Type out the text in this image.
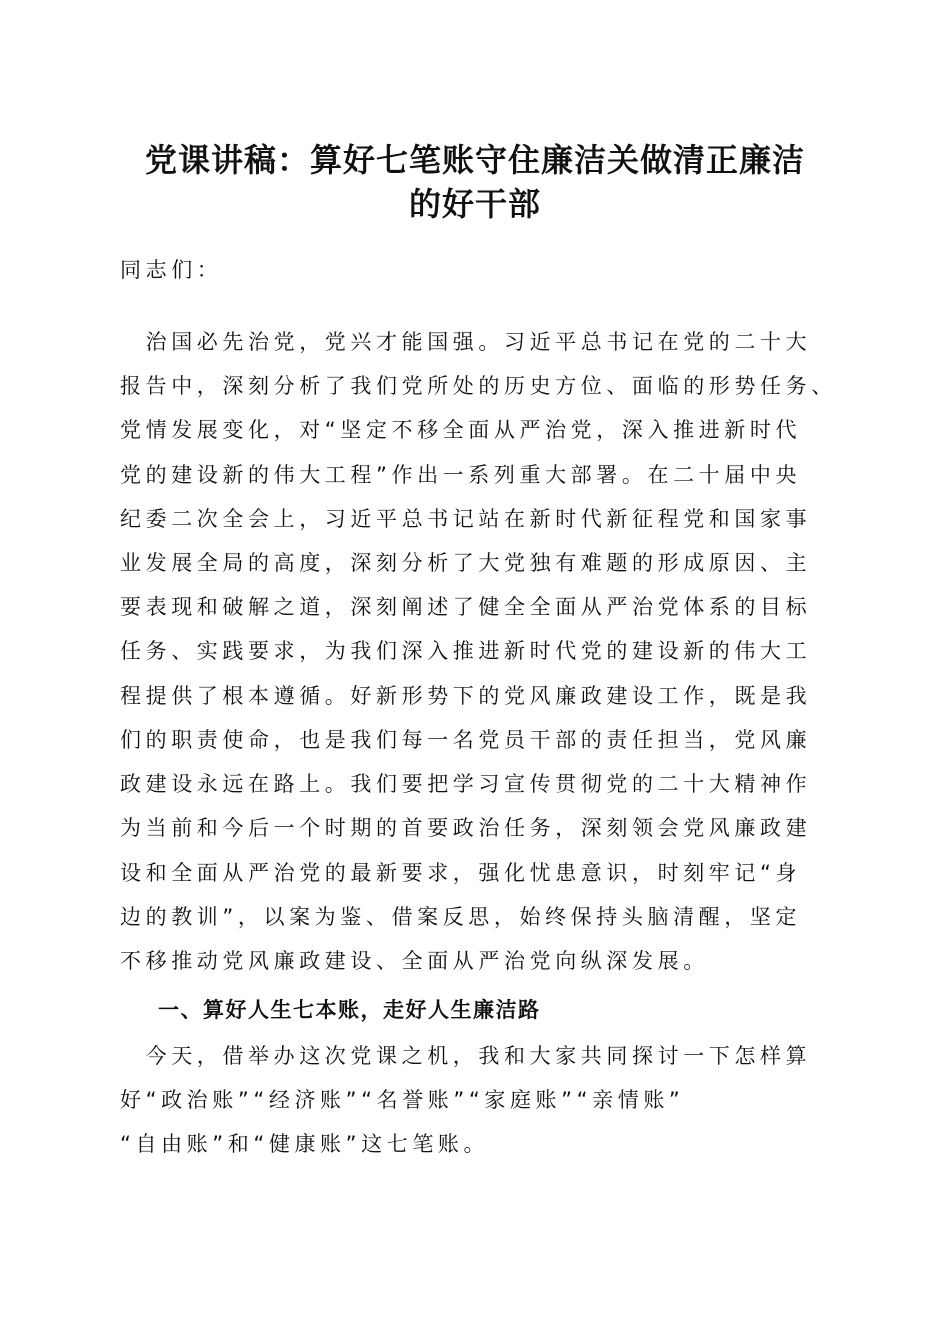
党课讲稿：算好七笔账守住廉洁关做清正廉洁
的好干部
同志们：
　治国必先治党，党兴才能国强。习近平总书记在党的二十大
报告中，深刻分析了我们党所处的历史方位、面临的形势任务、
党情发展变化，对“坚定不移全面从严治党，深入推进新时代
党的建设新的伟大工程”作出一系列重大部署。在二十届中央
纪委二次全会上，习近平总书记站在新时代新征程党和国家事
业发展全局的高度，深刻分析了大党独有难题的形成原因、主
要表现和破解之道，深刻阐述了健全全面从严治党体系的目标
任务、实践要求，为我们深入推进新时代党的建设新的伟大工
程提供了根本遵循。好新形势下的党风廉政建设工作，既是我
们的职责使命，也是我们每一名党员干部的责任担当，党风廉
政建设永远在路上。我们要把学习宣传贯彻党的二十大精神作
为当前和今后一个时期的首要政治任务，深刻领会党风廉政建
设和全面从严治党的最新要求，强化忧患意识，时刻牢记“身
边的教训”，以案为鉴、借案反思，始终保持头脑清醒，坚定
不移推动党风廉政建设、全面从严治党向纵深发展。
一、算好人生七本账，走好人生廉洁路
　今天，借举办这次党课之机，我和大家共同探讨一下怎样算
好“政治账”“经济账”“名誉账”“家庭账”“亲情账”
“自由账”和“健康账”这七笔账。
